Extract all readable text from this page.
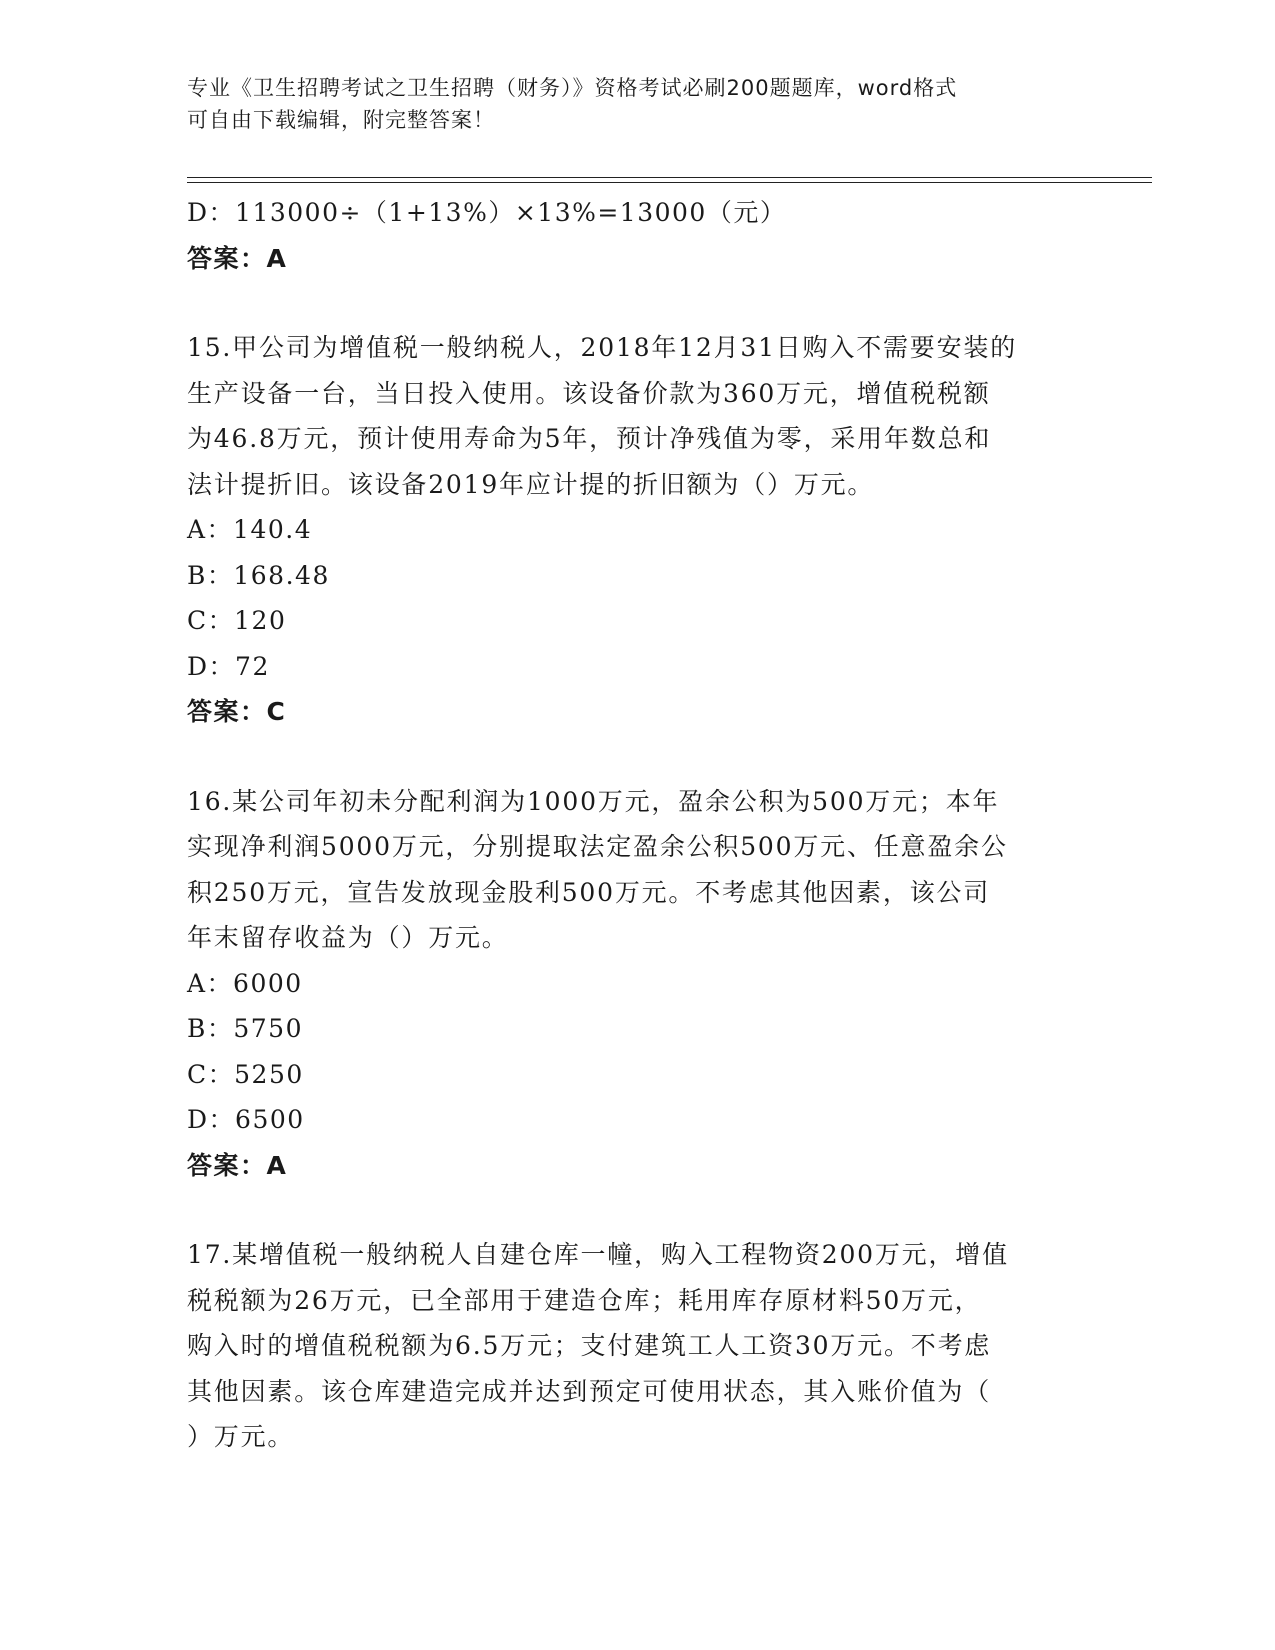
专业《卫生招聘考试之卫生招聘（财务）》资格考试必刷200题题库，word格式
可自由下载编辑，附完整答案！
D：113000÷（1+13%）×13%=13000（元）
答案：A
15.甲公司为增值税一般纳税人，2018年12月31日购入不需要安装的
生产设备一台，当日投入使用。该设备价款为360万元，增值税税额
为46.8万元，预计使用寿命为5年，预计净残值为零，采用年数总和
法计提折旧。该设备2019年应计提的折旧额为（）万元。
A：140.4
B：168.48
C：120
D：72
答案：C
16.某公司年初未分配利润为1000万元，盈余公积为500万元；本年
实现净利润5000万元，分别提取法定盈余公积500万元、任意盈余公
积250万元，宣告发放现金股利500万元。不考虑其他因素，该公司
年末留存收益为（）万元。
A：6000
B：5750
C：5250
D：6500
答案：A
17.某增值税一般纳税人自建仓库一幢，购入工程物资200万元，增值
税税额为26万元，已全部用于建造仓库；耗用库存原材料50万元，
购入时的增值税税额为6.5万元；支付建筑工人工资30万元。不考虑
其他因素。该仓库建造完成并达到预定可使用状态，其入账价值为（
）万元。
